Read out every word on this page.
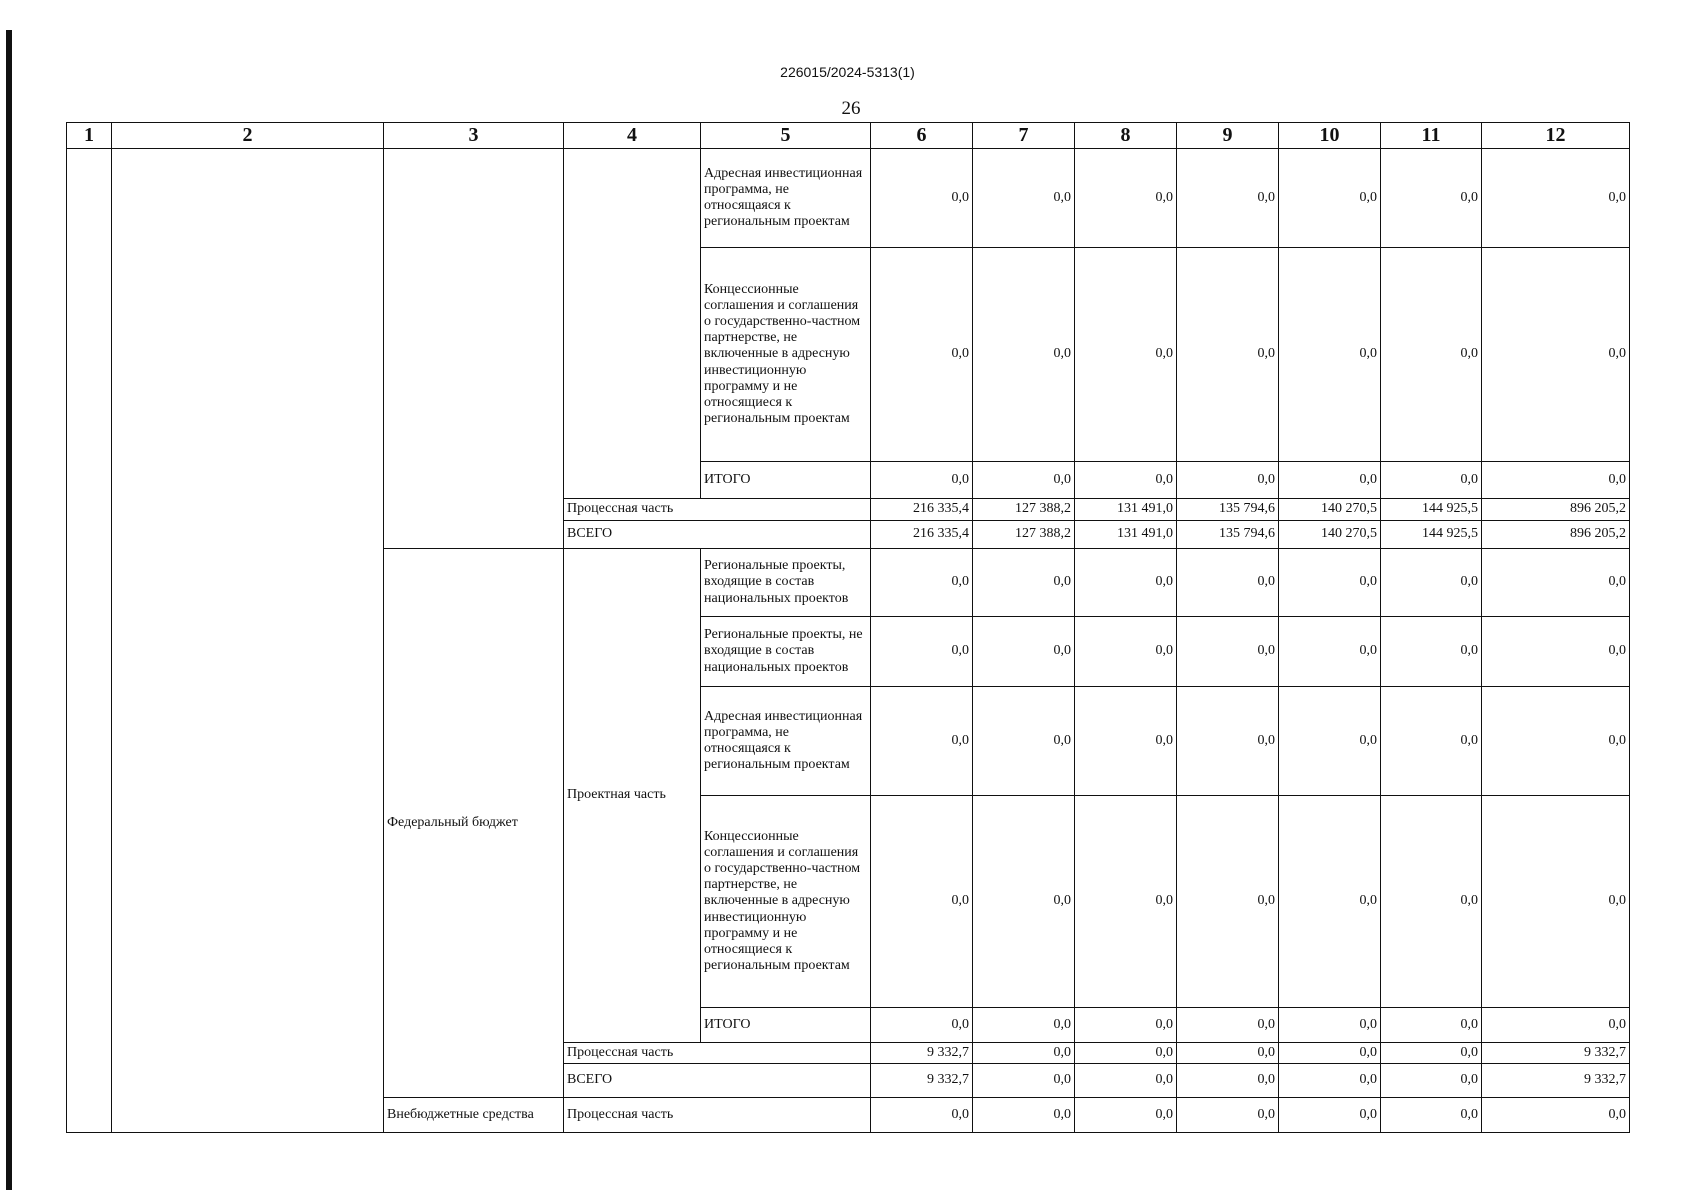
226015/2024-5313(1)
26
1	2	3	4	5	6	7	8	9	10	11	12
				Адресная инвестиционная программа, не относящаяся к региональным проектам	0,0	0,0	0,0	0,0	0,0	0,0	0,0
				Концессионные соглашения и соглашения о государственно-частном партнерстве, не включенные в адресную инвестиционную программу и не относящиеся к региональным проектам	0,0	0,0	0,0	0,0	0,0	0,0	0,0
				ИТОГО	0,0	0,0	0,0	0,0	0,0	0,0	0,0
			Процессная часть		216 335,4	127 388,2	131 491,0	135 794,6	140 270,5	144 925,5	896 205,2
			ВСЕГО		216 335,4	127 388,2	131 491,0	135 794,6	140 270,5	144 925,5	896 205,2
		Федеральный бюджет	Проектная часть	Региональные проекты, входящие в состав национальных проектов	0,0	0,0	0,0	0,0	0,0	0,0	0,0
				Региональные проекты, не входящие в состав национальных проектов	0,0	0,0	0,0	0,0	0,0	0,0	0,0
				Адресная инвестиционная программа, не относящаяся к региональным проектам	0,0	0,0	0,0	0,0	0,0	0,0	0,0
				Концессионные соглашения и соглашения о государственно-частном партнерстве, не включенные в адресную инвестиционную программу и не относящиеся к региональным проектам	0,0	0,0	0,0	0,0	0,0	0,0	0,0
				ИТОГО	0,0	0,0	0,0	0,0	0,0	0,0	0,0
			Процессная часть		9 332,7	0,0	0,0	0,0	0,0	0,0	9 332,7
			ВСЕГО		9 332,7	0,0	0,0	0,0	0,0	0,0	9 332,7
		Внебюджетные средства	Процессная часть		0,0	0,0	0,0	0,0	0,0	0,0	0,0
